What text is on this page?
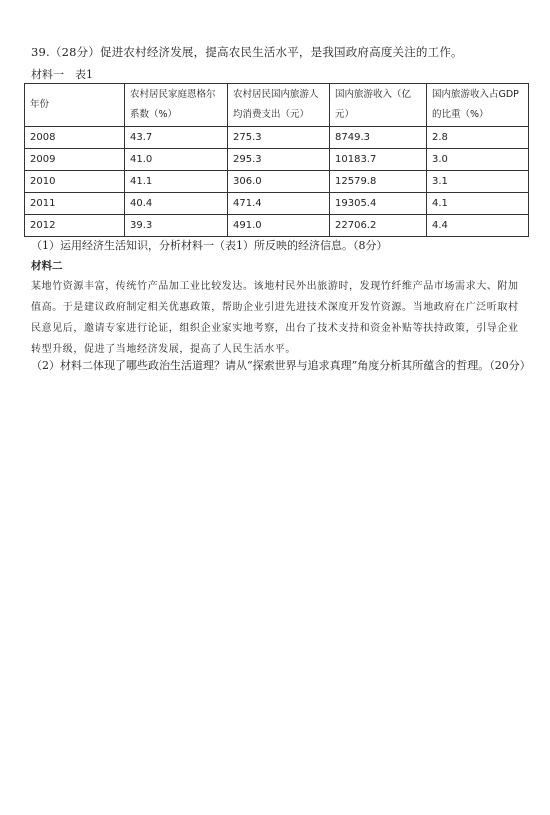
39.（28分）促进农村经济发展，提高农民生活水平，是我国政府高度关注的工作。
材料一　表1
年份	农村居民家庭恩格尔系数（%）	农村居民国内旅游人均消费支出（元）	国内旅游收入（亿元）	国内旅游收入占GDP的比重（%）
2008	43.7	275.3	8749.3	2.8
2009	41.0	295.3	10183.7	3.0
2010	41.1	306.0	12579.8	3.1
2011	40.4	471.4	19305.4	4.1
2012	39.3	491.0	22706.2	4.4
（1）运用经济生活知识，分析材料一（表1）所反映的经济信息。（8分）
材料二
某地竹资源丰富，传统竹产品加工业比较发达。该地村民外出旅游时，发现竹纤维产品市场需求大、附加值高。于是建议政府制定相关优惠政策，帮助企业引进先进技术深度开发竹资源。当地政府在广泛听取村民意见后，邀请专家进行论证，组织企业家实地考察，出台了技术支持和资金补贴等扶持政策，引导企业转型升级，促进了当地经济发展，提高了人民生活水平。
（2）材料二体现了哪些政治生活道理？请从“探索世界与追求真理”角度分析其所蕴含的哲理。（20分）
